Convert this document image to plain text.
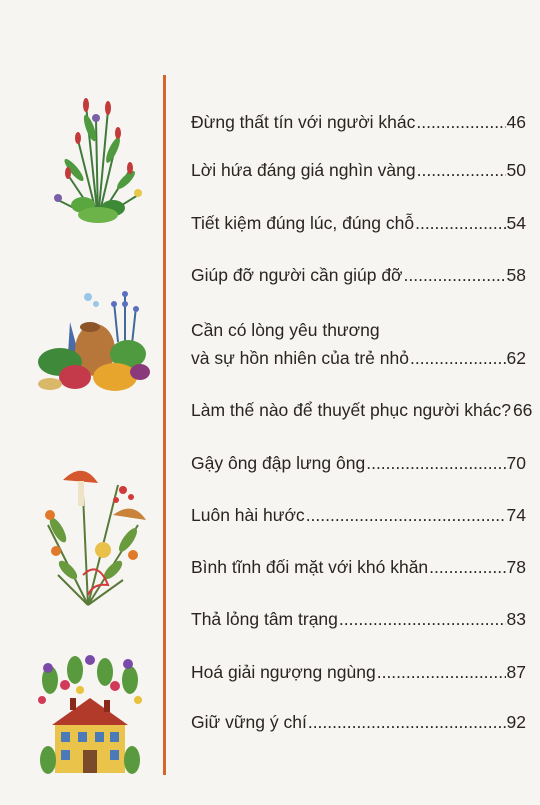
Đừng thất tín với người khác .....	46
Lời hứa đáng giá nghìn vàng .....	50
Tiết kiệm đúng lúc, đúng chỗ .....	54
Giúp đỡ người cần giúp đỡ .....	58
Cần có lòng yêu thương
và sự hồn nhiên của trẻ nhỏ .....	62
Làm thế nào để thuyết phục người khác? 66
Gậy ông đập lưng ông .....	70
Luôn hài hước .....	74
Bình tĩnh đối mặt với khó khăn .....	78
Thả lỏng tâm trạng .....	83
Hoá giải ngượng ngùng .....	87
Giữ vững ý chí .....	92
